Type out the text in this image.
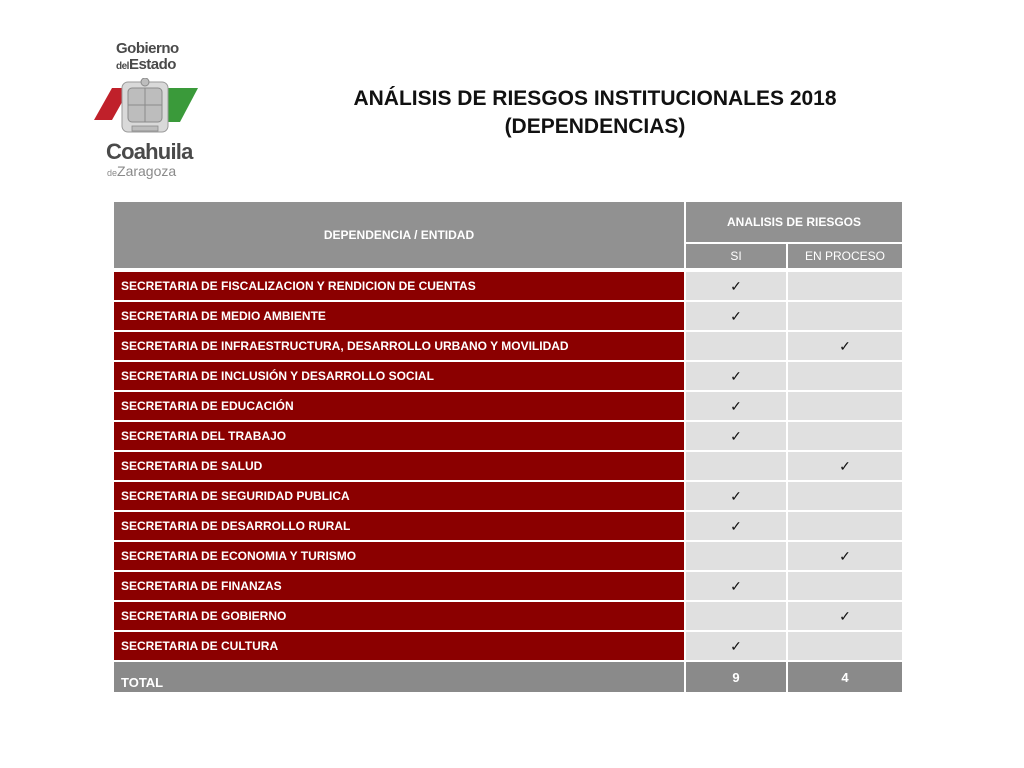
Gobierno
delEstado
Coahuila
deZaragoza
ANÁLISIS DE RIESGOS INSTITUCIONALES 2018
(DEPENDENCIAS)
DEPENDENCIA / ENTIDAD	ANALISIS DE RIESGOS	
	SI	EN PROCESO

SECRETARIA DE FISCALIZACION Y RENDICION DE CUENTAS	✓	
SECRETARIA DE MEDIO AMBIENTE	✓	
SECRETARIA DE INFRAESTRUCTURA, DESARROLLO URBANO Y MOVILIDAD		✓
SECRETARIA DE INCLUSIÓN Y DESARROLLO SOCIAL	✓	
SECRETARIA DE EDUCACIÓN	✓	
SECRETARIA DEL TRABAJO	✓	
SECRETARIA DE SALUD		✓
SECRETARIA DE SEGURIDAD PUBLICA	✓	
SECRETARIA DE DESARROLLO RURAL	✓	
SECRETARIA DE ECONOMIA Y TURISMO		✓
SECRETARIA DE FINANZAS	✓	
SECRETARIA DE GOBIERNO		✓
SECRETARIA DE CULTURA	✓	
TOTAL	9	4
